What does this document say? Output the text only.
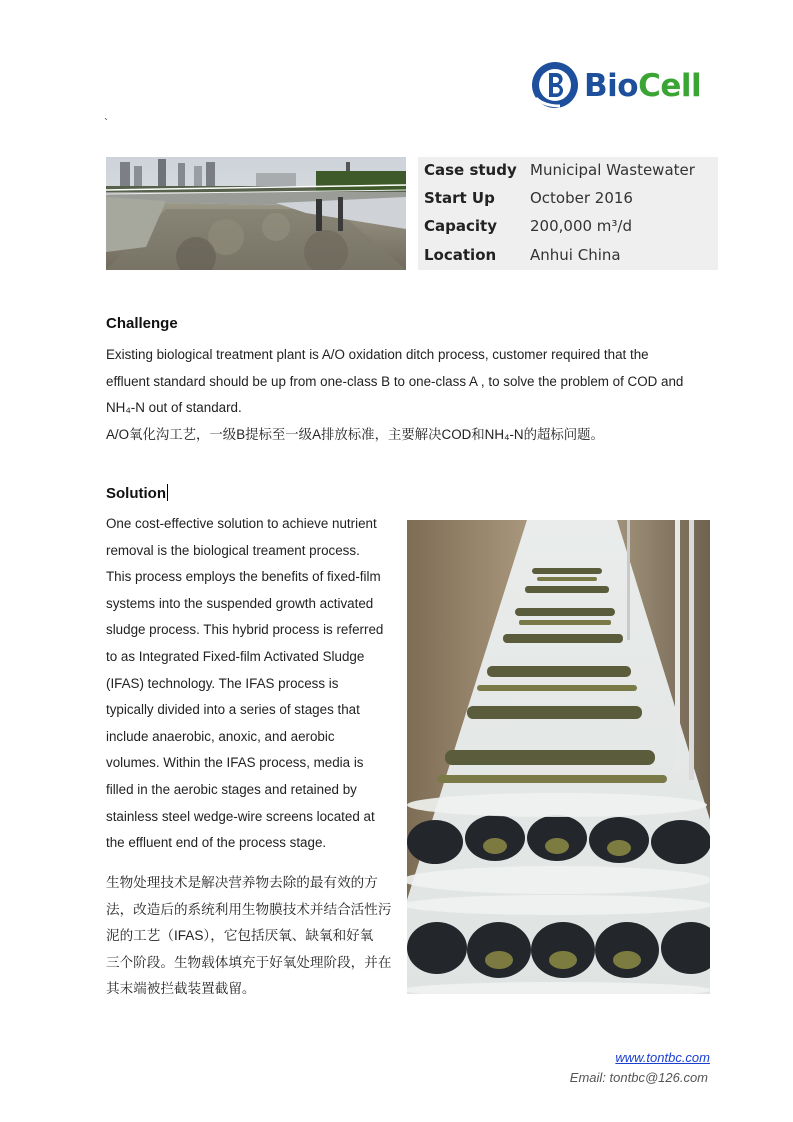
BioCell
`
Case study Municipal Wastewater
Start Up October 2016
Capacity 200,000 m³/d
Location Anhui China
Challenge
Existing biological treatment plant is A/O oxidation ditch process, customer required that the
effluent standard should be up from one-class B to one-class A , to solve the problem of COD and
NH₄-N out of standard.
A/O氧化沟工艺，一级B提标至一级A排放标准，主要解决COD和NH₄-N的超标问题。
Solution
One cost-effective solution to achieve nutrient
removal is the biological treament process.
This process employs the benefits of fixed-film
systems into the suspended growth activated
sludge process. This hybrid process is referred
to as Integrated Fixed-film Activated Sludge
(IFAS) technology. The IFAS process is
typically divided into a series of stages that
include anaerobic, anoxic, and aerobic
volumes. Within the IFAS process, media is
filled in the aerobic stages and retained by
stainless steel wedge-wire screens located at
the effluent end of the process stage.
生物处理技术是解决营养物去除的最有效的方
法，改造后的系统利用生物膜技术并结合活性污
泥的工艺（IFAS），它包括厌氧、缺氧和好氧
三个阶段。生物载体填充于好氧处理阶段，并在
其末端被拦截装置截留。
www.tontbc.com
Email: tontbc@126.com
